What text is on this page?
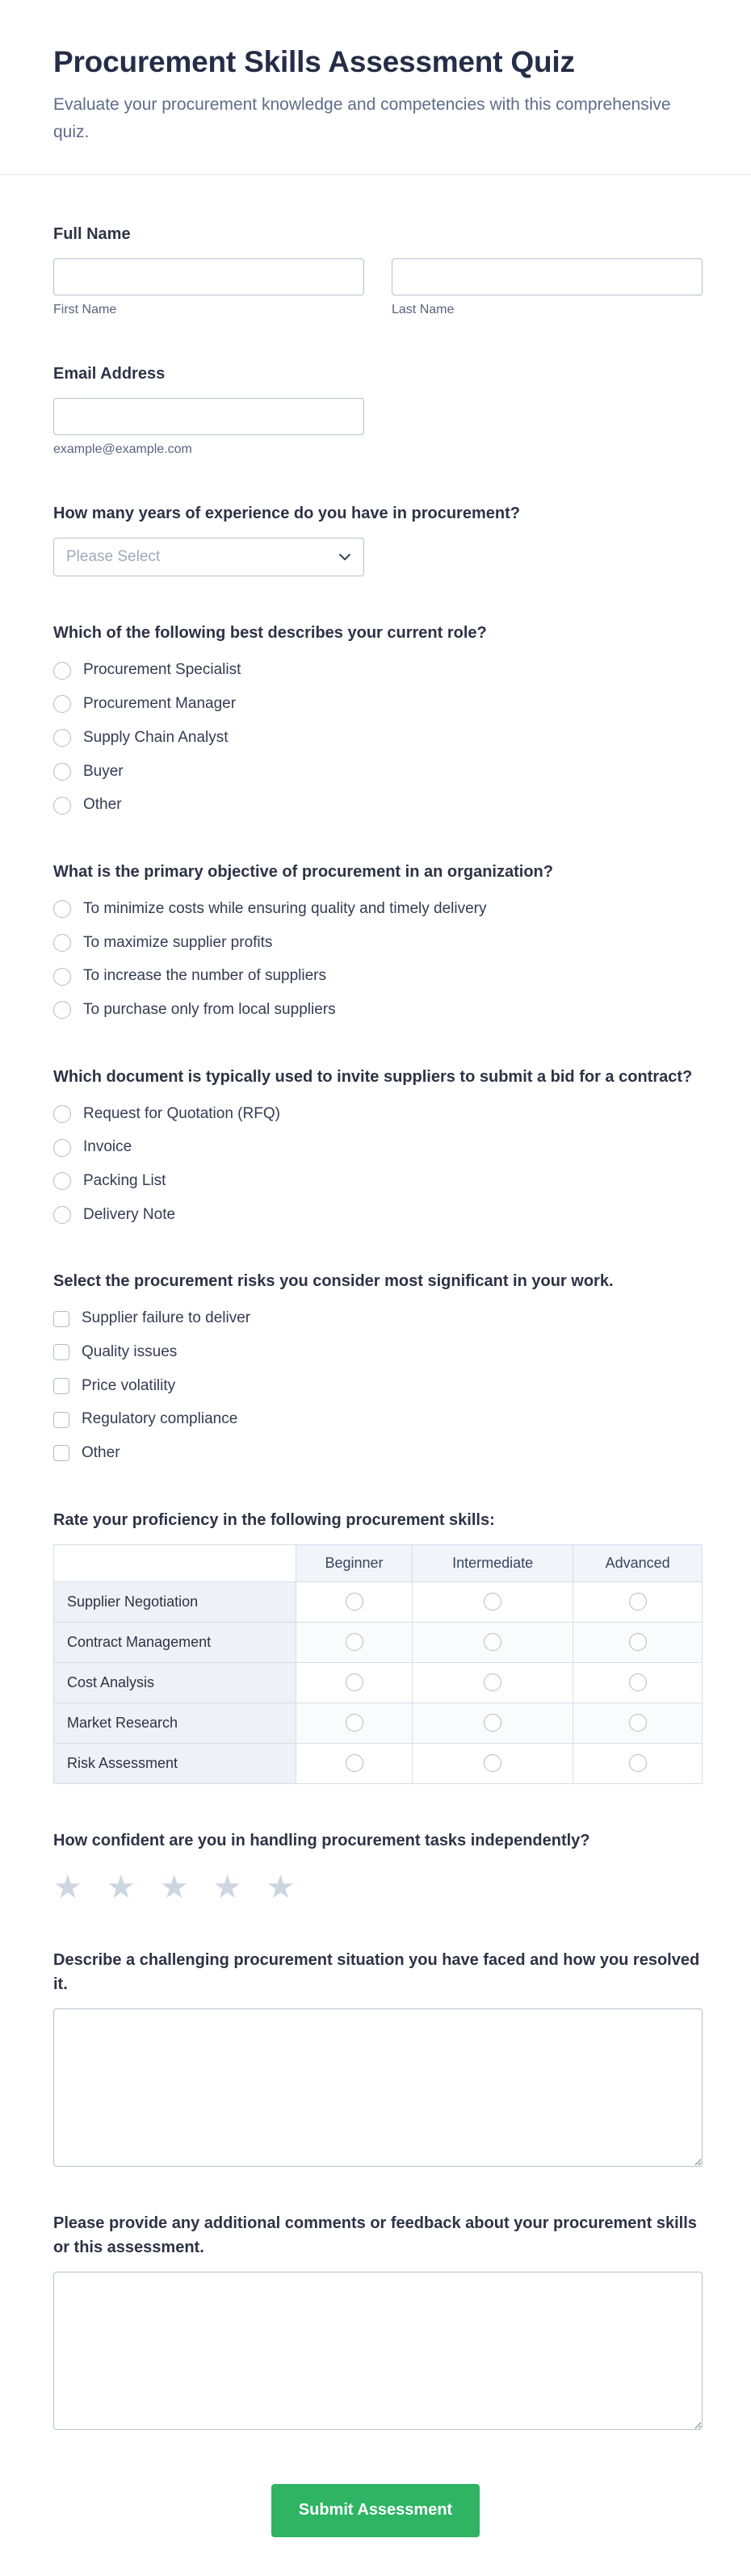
Procurement Skills Assessment Quiz

Evaluate your procurement knowledge and competencies with this comprehensive quiz.

Full Name
First Name	Last Name
Email Address
example@example.com
How many years of experience do you have in procurement?
Please Select
Which of the following best describes your current role?
Procurement Specialist
Procurement Manager
Supply Chain Analyst
Buyer
Other
What is the primary objective of procurement in an organization?
To minimize costs while ensuring quality and timely delivery
To maximize supplier profits
To increase the number of suppliers
To purchase only from local suppliers
Which document is typically used to invite suppliers to submit a bid for a contract?
Request for Quotation (RFQ)
Invoice
Packing List
Delivery Note
Select the procurement risks you consider most significant in your work.
Supplier failure to deliver
Quality issues
Price volatility
Regulatory compliance
Other
Rate your proficiency in the following procurement skills:
	Beginner	Intermediate	Advanced
Supplier Negotiation			
Contract Management			
Cost Analysis			
Market Research			
Risk Assessment			
How confident are you in handling procurement tasks independently?
★ ★ ★ ★ ★
Describe a challenging procurement situation you have faced and how you resolved it.
Please provide any additional comments or feedback about your procurement skills or this assessment.
Submit Assessment
